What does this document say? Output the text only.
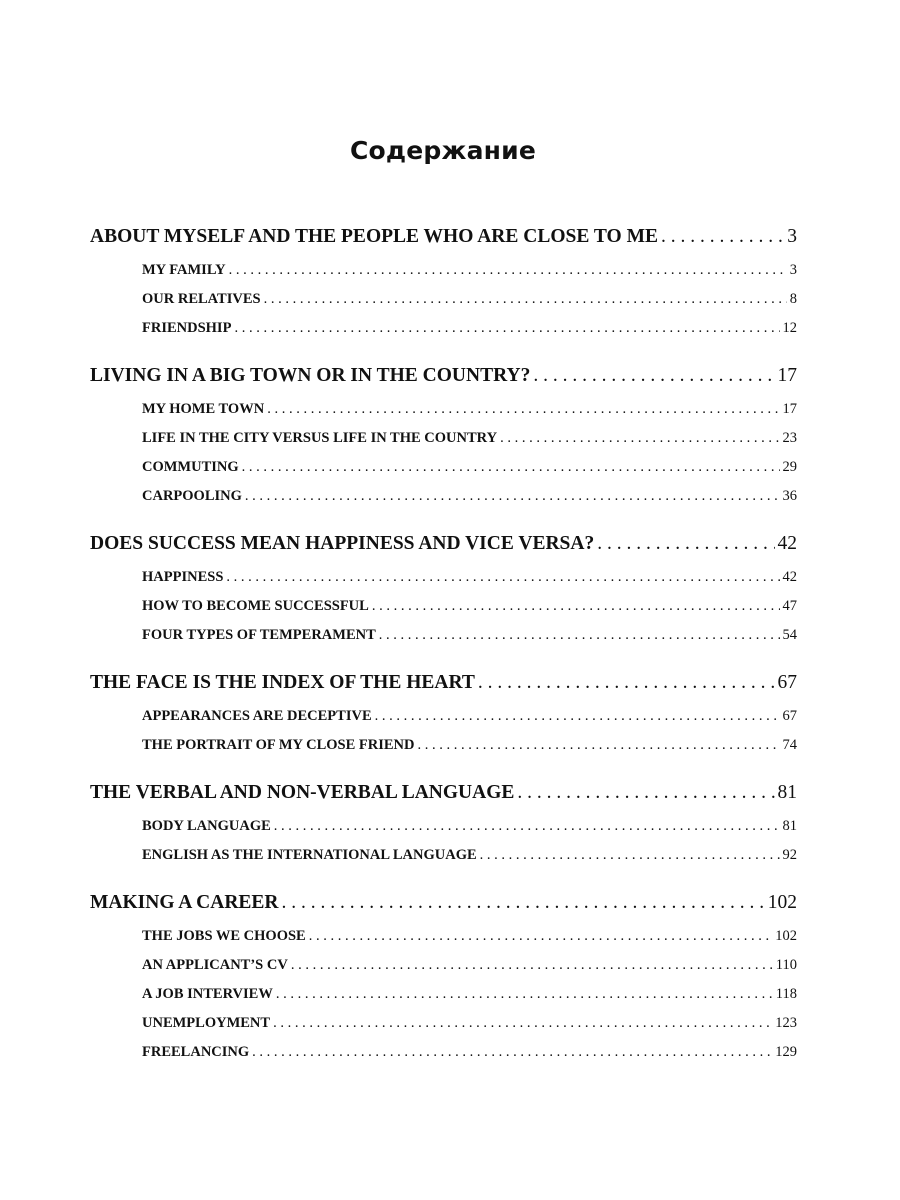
Содержание
ABOUT MYSELF AND THE PEOPLE WHO ARE CLOSE TO ME . . .	3
MY FAMILY . . .	3
OUR RELATIVES . . .	8
FRIENDSHIP . . .	12
LIVING IN A BIG TOWN OR IN THE COUNTRY? . . .	17
MY HOME TOWN . . .	17
LIFE IN THE CITY VERSUS LIFE IN THE COUNTRY . . .	23
COMMUTING . . .	29
CARPOOLING . . .	36
DOES SUCCESS MEAN HAPPINESS AND VICE VERSA? . . .	42
HAPPINESS . . .	42
HOW TO BECOME SUCCESSFUL . . .	47
FOUR TYPES OF TEMPERAMENT . . .	54
THE FACE IS THE INDEX OF THE HEART . . .	67
APPEARANCES ARE DECEPTIVE . . .	67
THE PORTRAIT OF MY CLOSE FRIEND . . .	74
THE VERBAL AND NON-VERBAL LANGUAGE . . .	81
BODY LANGUAGE . . .	81
ENGLISH AS THE INTERNATIONAL LANGUAGE . . .	92
MAKING A CAREER . . .	102
THE JOBS WE CHOOSE . . .	102
AN APPLICANT’S CV . . .	110
A JOB INTERVIEW . . .	118
UNEMPLOYMENT . . .	123
FREELANCING . . .	129
